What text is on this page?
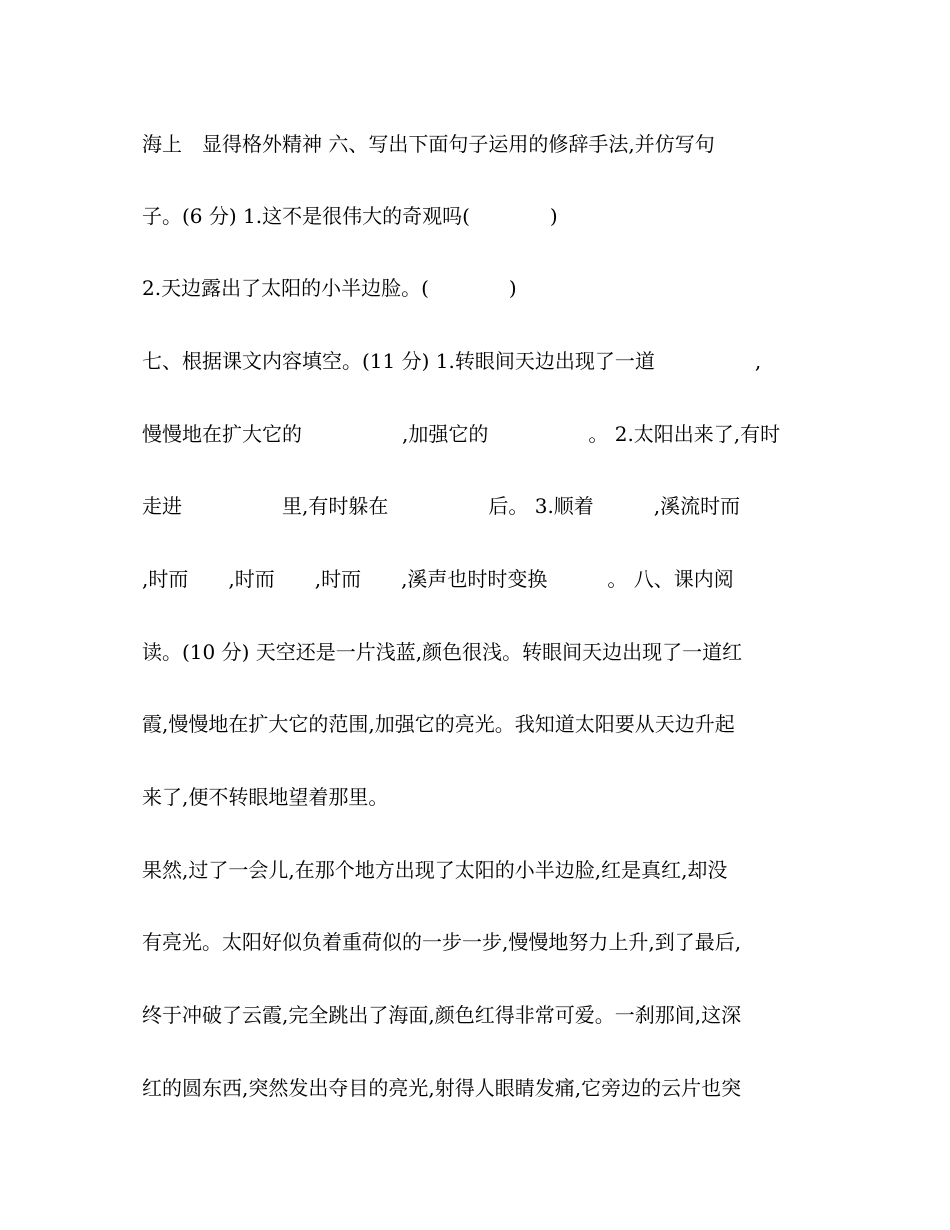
海上　显得格外精神 六、写出下面句子运用的修辞手法,并仿写句

子。(6 分) 1.这不是很伟大的奇观吗(　　　　)

2.天边露出了太阳的小半边脸。(　　　　)

七、根据课文内容填空。(11 分) 1.转眼间天边出现了一道　　　　　,

慢慢地在扩大它的　　　　　,加强它的　　　　　。 2.太阳出来了,有时

走进　　　　　里,有时躲在　　　　　后。 3.顺着　　　,溪流时而

,时而　　,时而　　,时而　　,溪声也时时变换　　　。 八、课内阅

读。(10 分) 天空还是一片浅蓝,颜色很浅。转眼间天边出现了一道红

霞,慢慢地在扩大它的范围,加强它的亮光。我知道太阳要从天边升起

来了,便不转眼地望着那里。

果然,过了一会儿,在那个地方出现了太阳的小半边脸,红是真红,却没

有亮光。太阳好似负着重荷似的一步一步,慢慢地努力上升,到了最后,

终于冲破了云霞,完全跳出了海面,颜色红得非常可爱。一刹那间,这深

红的圆东西,突然发出夺目的亮光,射得人眼睛发痛,它旁边的云片也突
